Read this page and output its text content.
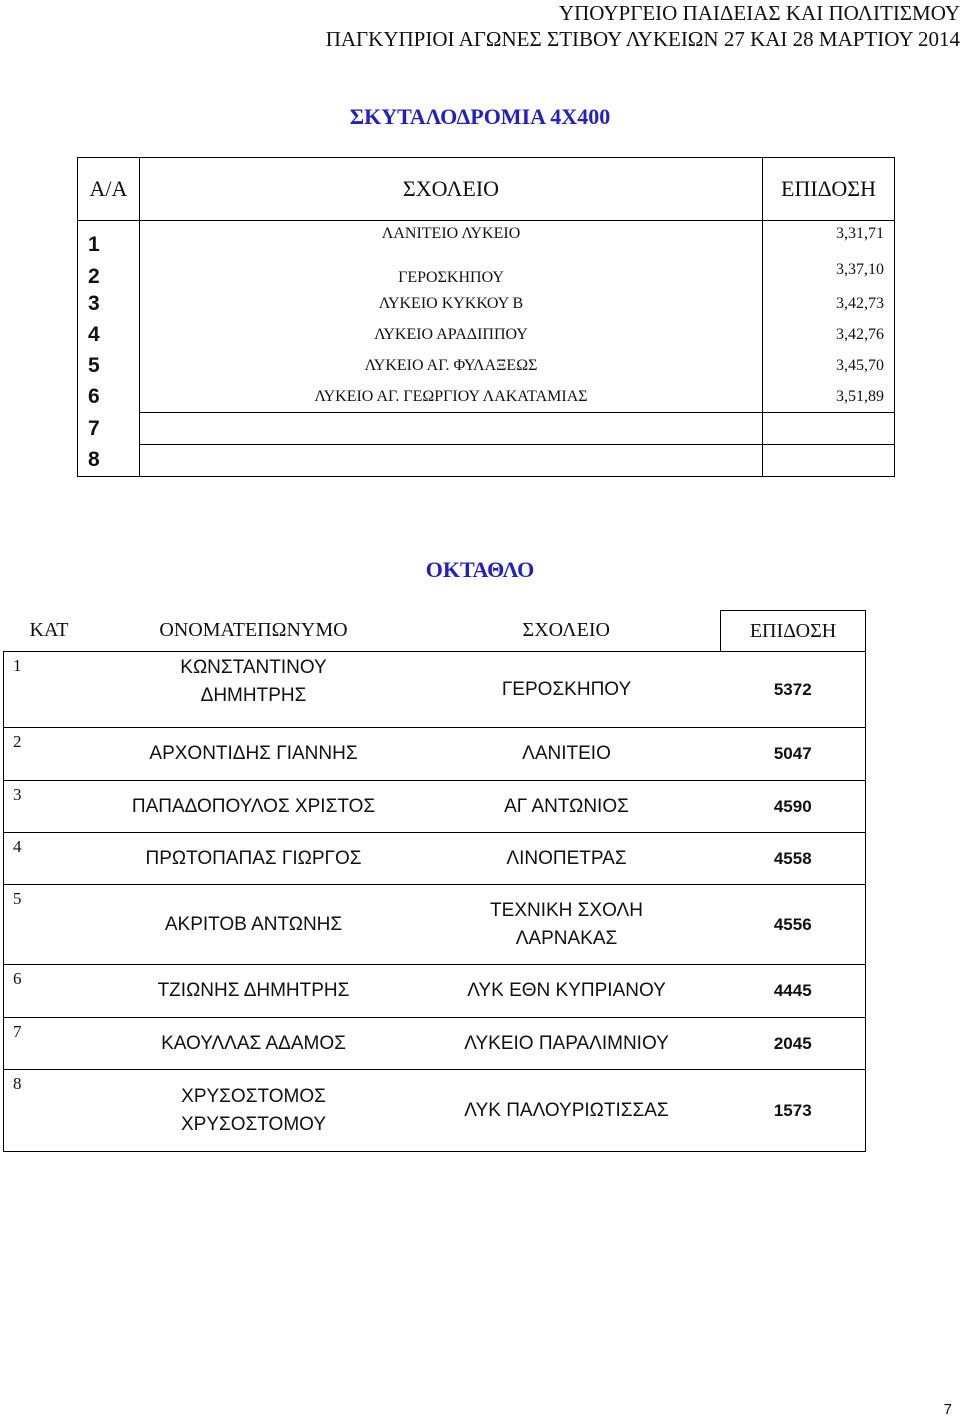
ΥΠΟΥΡΓΕΙΟ ΠΑΙΔΕΙΑΣ ΚΑΙ ΠΟΛΙΤΙΣΜΟΥ
ΠΑΓΚΥΠΡΙΟΙ ΑΓΩΝΕΣ ΣΤΙΒΟΥ ΛΥΚΕΙΩΝ 27 ΚΑΙ 28 ΜΑΡΤΙΟΥ 2014
ΣΚΥΤΑΛΟΔΡΟΜΙΑ 4Χ400
Α/Α	ΣΧΟΛΕΙΟ	ΕΠΙΔΟΣΗ
1	ΛΑΝΙΤΕΙΟ ΛΥΚΕΙΟ	3,31,71
2	ΓΕΡΟΣΚΗΠΟΥ	3,37,10
3	ΛΥΚΕΙΟ ΚΥΚΚΟΥ Β	3,42,73
4	ΛΥΚΕΙΟ ΑΡΑΔΙΠΠΟΥ	3,42,76
5	ΛΥΚΕΙΟ ΑΓ. ΦΥΛΑΞΕΩΣ	3,45,70
6	ΛΥΚΕΙΟ ΑΓ. ΓΕΩΡΓΙΟΥ ΛΑΚΑΤΑΜΙΑΣ	3,51,89
7		
8		
ΟΚΤΑΘΛΟ
ΚΑΤ	ΟΝΟΜΑΤΕΠΩΝΥΜΟ	ΣΧΟΛΕΙΟ	ΕΠΙΔΟΣΗ
1	ΚΩΝΣΤΑΝΤΙΝΟΥ
ΔΗΜΗΤΡΗΣ	ΓΕΡΟΣΚΗΠΟΥ	5372
2	ΑΡΧΟΝΤΙΔΗΣ ΓΙΑΝΝΗΣ	ΛΑΝΙΤΕΙΟ	5047
3	ΠΑΠΑΔΟΠΟΥΛΟΣ ΧΡΙΣΤΟΣ	ΑΓ ΑΝΤΩΝΙΟΣ	4590
4	ΠΡΩΤΟΠΑΠΑΣ ΓΙΩΡΓΟΣ	ΛΙΝΟΠΕΤΡΑΣ	4558
5	ΑΚΡΙΤΟΒ ΑΝΤΩΝΗΣ	ΤΕΧΝΙΚΗ ΣΧΟΛΗ
ΛΑΡΝΑΚΑΣ	4556
6	ΤΖΙΩΝΗΣ ΔΗΜΗΤΡΗΣ	ΛΥΚ ΕΘΝ ΚΥΠΡΙΑΝΟΥ	4445
7	ΚΑΟΥΛΛΑΣ ΑΔΑΜΟΣ	ΛΥΚΕΙΟ ΠΑΡΑΛΙΜΝΙΟΥ	2045
8	ΧΡΥΣΟΣΤΟΜΟΣ
ΧΡΥΣΟΣΤΟΜΟΥ	ΛΥΚ ΠΑΛΟΥΡΙΩΤΙΣΣΑΣ	1573
7
